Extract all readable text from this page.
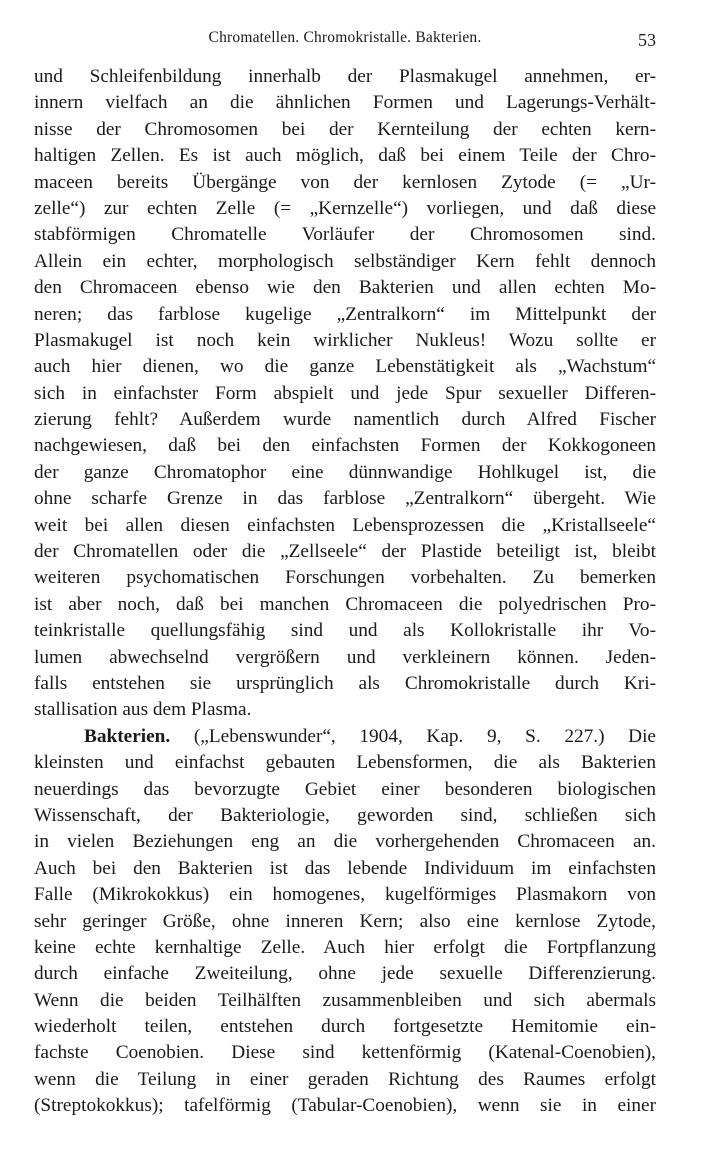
Chromatellen. Chromokristalle. Bakterien.	53
und Schleifenbildung innerhalb der Plasmakugel annehmen, er-
innern vielfach an die ähnlichen Formen und Lagerungs-Verhält-
nisse der Chromosomen bei der Kernteilung der echten kern-
haltigen Zellen. Es ist auch möglich, daß bei einem Teile der Chro-
maceen bereits Übergänge von der kernlosen Zytode (= „Ur-
zelle“) zur echten Zelle (= „Kernzelle“) vorliegen, und daß diese
stabförmigen Chromatelle Vorläufer der Chromosomen sind.
Allein ein echter, morphologisch selbständiger Kern fehlt dennoch
den Chromaceen ebenso wie den Bakterien und allen echten Mo-
neren; das farblose kugelige „Zentralkorn“ im Mittelpunkt der
Plasmakugel ist noch kein wirklicher Nukleus! Wozu sollte er
auch hier dienen, wo die ganze Lebenstätigkeit als „Wachstum“
sich in einfachster Form abspielt und jede Spur sexueller Differen-
zierung fehlt? Außerdem wurde namentlich durch Alfred Fischer
nachgewiesen, daß bei den einfachsten Formen der Kokkogoneen
der ganze Chromatophor eine dünnwandige Hohlkugel ist, die
ohne scharfe Grenze in das farblose „Zentralkorn“ übergeht. Wie
weit bei allen diesen einfachsten Lebensprozessen die „Kristallseele“
der Chromatellen oder die „Zellseele“ der Plastide beteiligt ist, bleibt
weiteren psychomatischen Forschungen vorbehalten. Zu bemerken
ist aber noch, daß bei manchen Chromaceen die polyedrischen Pro-
teinkristalle quellungsfähig sind und als Kollokristalle ihr Vo-
lumen abwechselnd vergrößern und verkleinern können. Jeden-
falls entstehen sie ursprünglich als Chromokristalle durch Kri-
stallisation aus dem Plasma.
Bakterien. („Lebenswunder“, 1904, Kap. 9, S. 227.) Die
kleinsten und einfachst gebauten Lebensformen, die als Bakterien
neuerdings das bevorzugte Gebiet einer besonderen biologischen
Wissenschaft, der Bakteriologie, geworden sind, schließen sich
in vielen Beziehungen eng an die vorhergehenden Chromaceen an.
Auch bei den Bakterien ist das lebende Individuum im einfachsten
Falle (Mikrokokkus) ein homogenes, kugelförmiges Plasmakorn von
sehr geringer Größe, ohne inneren Kern; also eine kernlose Zytode,
keine echte kernhaltige Zelle. Auch hier erfolgt die Fortpflanzung
durch einfache Zweiteilung, ohne jede sexuelle Differenzierung.
Wenn die beiden Teilhälften zusammenbleiben und sich abermals
wiederholt teilen, entstehen durch fortgesetzte Hemitomie ein-
fachste Coenobien. Diese sind kettenförmig (Katenal-Coenobien),
wenn die Teilung in einer geraden Richtung des Raumes erfolgt
(Streptokokkus); tafelförmig (Tabular-Coenobien), wenn sie in einer
